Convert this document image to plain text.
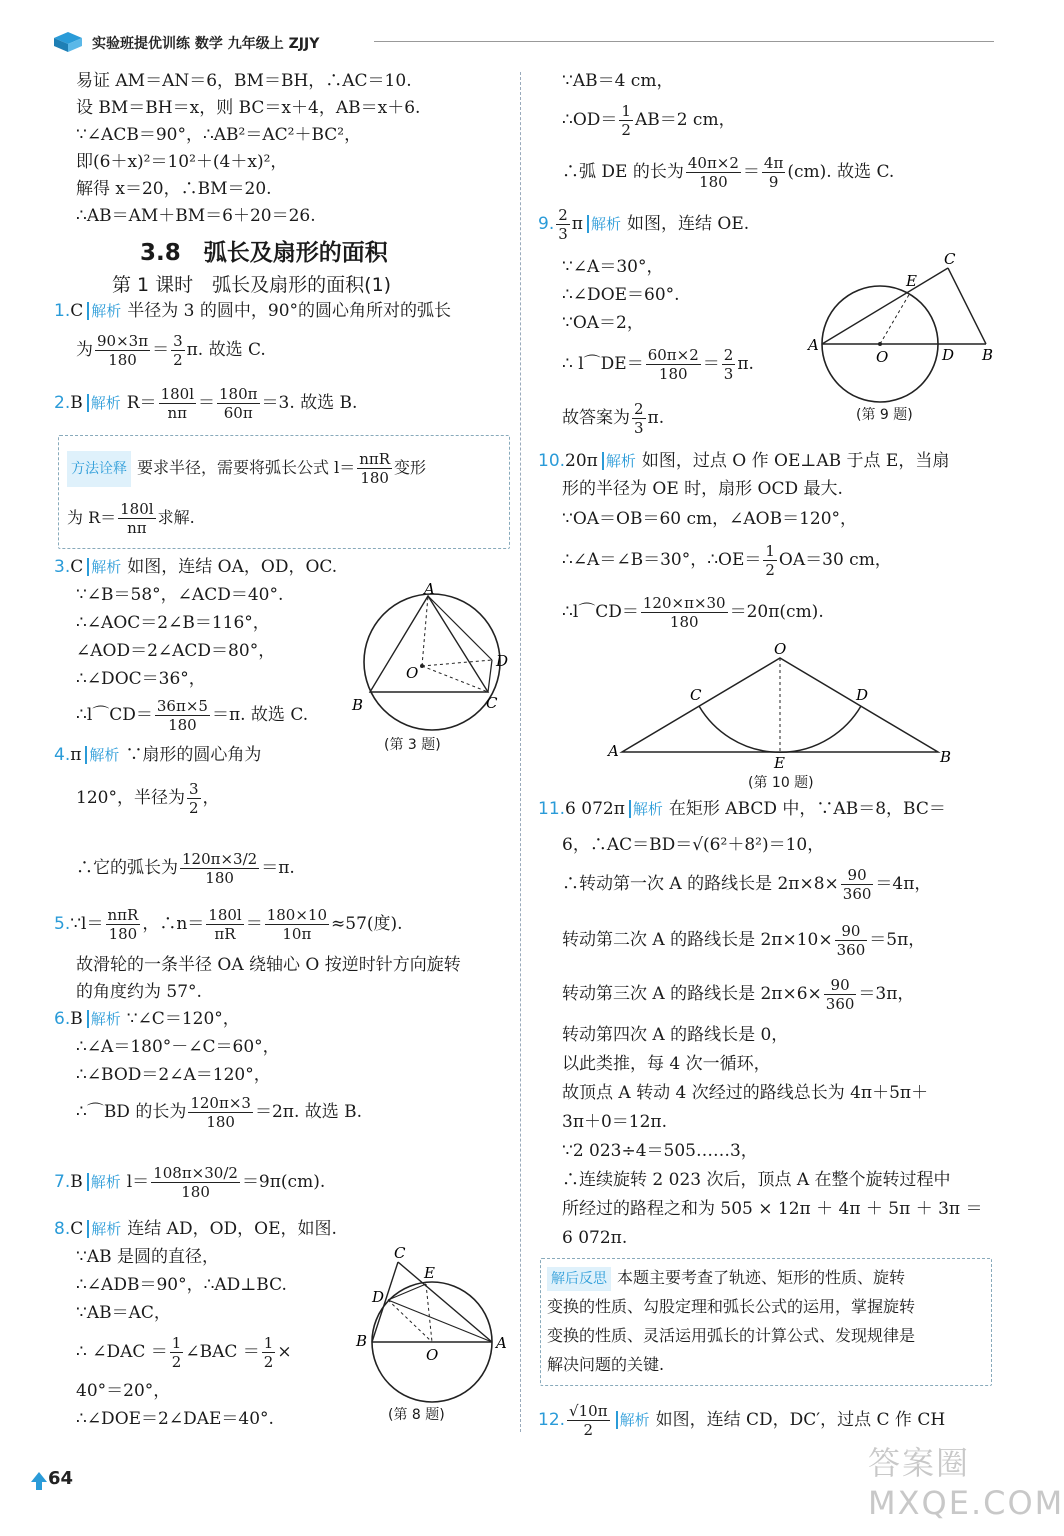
实验班提优训练 数学 九年级上 ZJJY
易证 AM＝AN＝6，BM＝BH，∴AC＝10.
设 BM＝BH＝x，则 BC＝x＋4，AB＝x＋6.
∵∠ACB＝90°，∴AB²＝AC²＋BC²，
即(6＋x)²＝10²＋(4＋x)²，
解得 x＝20，∴BM＝20.
∴AB＝AM＋BM＝6＋20＝26.
3.8　弧长及扇形的面积
第 1 课时　弧长及扇形的面积(1)
1.C 解析 半径为 3 的圆中，90°的圆心角所对的弧长
为 $\frac{90\times 3\pi}{180} = \frac{3}{2} \pi$. 故选 C.
2.B 解析 $R= \frac{180l}{n\pi} = \frac{180\pi}{60\pi} =3$. 故选 B.
方法诠释 要求半径，需要将弧长公式 l＝ nπR
180
变形
为 $R= \frac{180l}{n\pi}$ 求解.
3.C 解析 如图，连结 OA，OD，OC.
∵∠B＝58°，∠ACD＝40°.
∴∠AOC＝2∠B＝116°，
∠AOD＝2∠ACD＝80°，
∴∠DOC＝36°，
∴l⌒CD＝ $\frac{36\pi\times 5}{180} =\pi$. 故选 C.
A
B	C
D
O
(第 3 题)
4.π 解析 ∵扇形的圆心角为
120°，半径为 $\frac{3}{2}$ ，
∴它的弧长为 $\frac{120\pi\times 3/2}{180} =\pi$.
5.∵l＝ nπR
180 ，∴n＝ $\frac{180l}{\pi R} = \frac{180\times 10}{10\pi} \approx 57$(度).
故滑轮的一条半径 OA 绕轴心 O 按逆时针方向旋转
的角度约为 57°.
6.B 解析 ∵∠C＝120°，
∴∠A＝180°－∠C＝60°，
∴∠BOD＝2∠A＝120°，
∴⌒BD 的长为 $\frac{120\pi\times 3}{180} =2\pi$. 故选 B.
7.B 解析 $l= \frac{108\pi\times 30/2}{180} =9\pi(cm)$.
8.C 解析 连结 AD，OD，OE，如图.
∵AB 是圆的直径，
∴∠ADB＝90°，∴AD⊥BC.
∵AB＝AC，
∴ ∠DAC ＝ $\frac{1}{2}$ ∠BAC ＝ $\frac{1}{2}$ ×
40°＝20°，
∴∠DOE＝2∠DAE＝40°.
C
E
D
B	A
O
(第 8 题)
∵AB＝4 cm，
∴OD＝ $\frac{1}{2} AB=2$ cm，
∴弧 DE 的长为 $\frac{40\pi\times 2}{180} = \frac{4\pi}{9} (cm)$. 故选 C.
9. $\frac{2}{3}$ π 解析 如图，连结 OE.
∵∠A＝30°，
∴∠DOE＝60°.
∵OA＝2，
∴ l⌒DE＝ $\frac{60\pi\times 2}{180} = \frac{2}{3} \pi$.
故答案为 $\frac{2}{3} \pi$.
A
O	D B
E
C
(第 9 题)
10.20π 解析 如图，过点 O 作 OE⊥AB 于点 E，当扇
形的半径为 OE 时，扇形 OCD 最大.
∵OA＝OB＝60 cm，∠AOB＝120°，
∴∠A＝∠B＝30°，∴OE＝ $\frac{1}{2} OA=30$ cm，
∴l⌒CD＝ $\frac{120\times\pi\times 30}{180} =20\pi(cm)$.
O
C	D
A	B
E
(第 10 题)
11.6 072π 解析 在矩形 ABCD 中，∵AB＝8，BC＝
6，∴AC＝BD＝√(6²＋8²)＝10，
∴转动第一次 A 的路线长是 $2\pi\times 8\times \frac{90}{360} =4\pi$，
转动第二次 A 的路线长是 $2\pi\times 10\times \frac{90}{360} =5\pi$，
转动第三次 A 的路线长是 $2\pi\times 6\times \frac{90}{360} =3\pi$，
转动第四次 A 的路线长是 0，
以此类推，每 4 次一循环，
故顶点 A 转动 4 次经过的路线总长为 4π＋5π＋
3π＋0＝12π.
∵2 023÷4＝505……3，
∴连续旋转 2 023 次后，顶点 A 在整个旋转过程中
所经过的路程之和为 505 × 12π ＋ 4π ＋ 5π ＋ 3π ＝
6 072π.
解后反思 本题主要考查了轨迹、矩形的性质、旋转
变换的性质、勾股定理和弧长公式的运用，掌握旋转
变换的性质、灵活运用弧长的计算公式、发现规律是
解决问题的关键.
12. $\frac{√10\pi}{2}$ 解析 如图，连结 CD，DC′，过点 C 作 CH
64	答案圈 MXQE.COM
